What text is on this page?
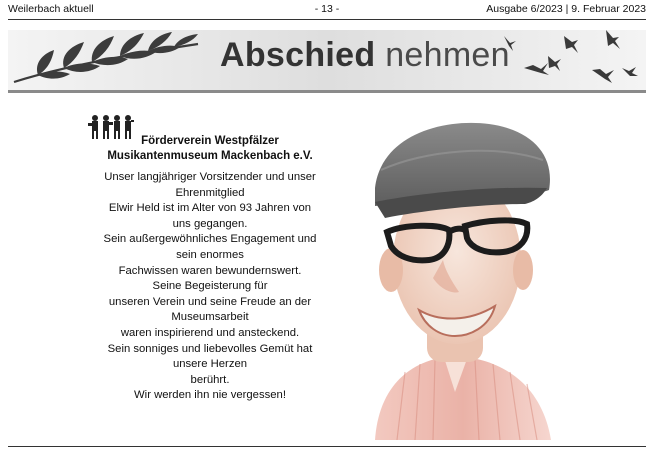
Weilerbach aktuell	- 13 -	Ausgabe 6/2023 | 9. Februar 2023
Abschied nehmen
Förderverein Westpfälzer
Musikantenmuseum Mackenbach e.V.

Unser langjähriger Vorsitzender und unser

Ehrenmitglied

Elwir Held ist im Alter von 93 Jahren von

uns gegangen.

Sein außergewöhnliches Engagement und

sein enormes

Fachwissen waren bewundernswert.

Seine Begeisterung für

unseren Verein und seine Freude an der

Museumsarbeit

waren inspirierend und ansteckend.

Sein sonniges und liebevolles Gemüt hat

unsere Herzen

berührt.

Wir werden ihn nie vergessen!
